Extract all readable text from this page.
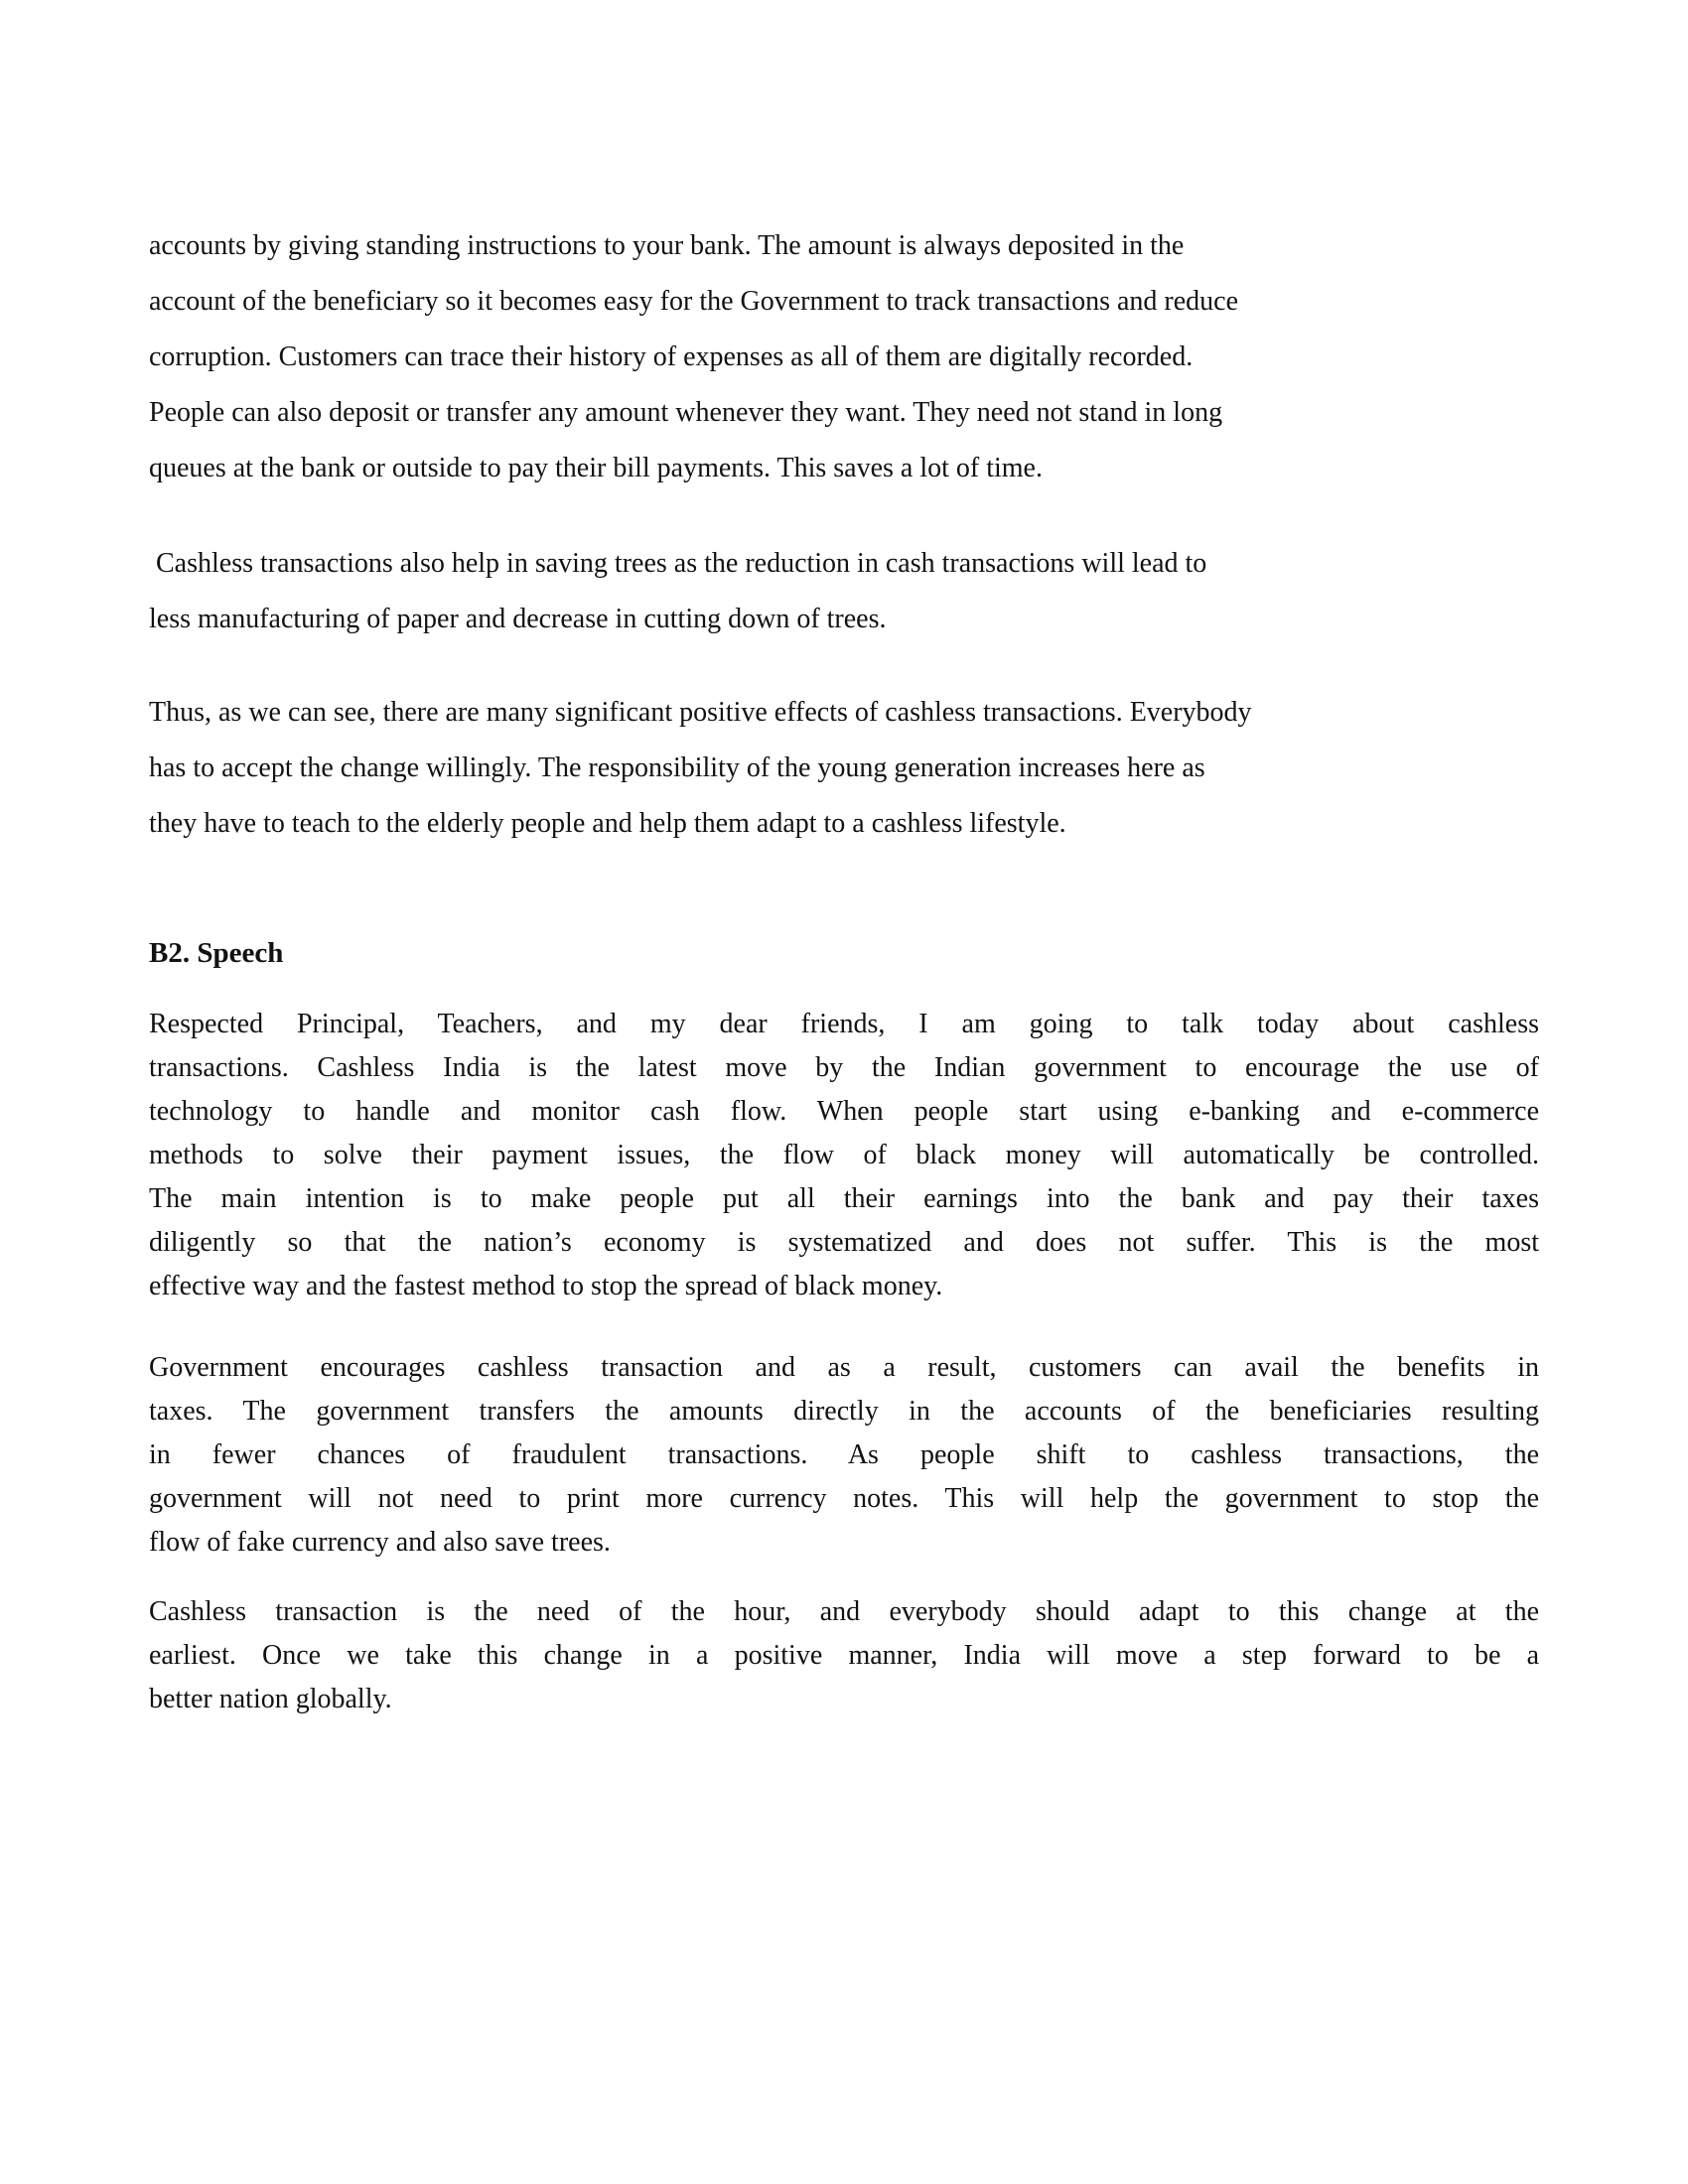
accounts by giving standing instructions to your bank. The amount is always deposited in the
account of the beneficiary so it becomes easy for the Government to track transactions and reduce
corruption. Customers can trace their history of expenses as all of them are digitally recorded.
People can also deposit or transfer any amount whenever they want. They need not stand in long
queues at the bank or outside to pay their bill payments. This saves a lot of time.
Cashless transactions also help in saving trees as the reduction in cash transactions will lead to
less manufacturing of paper and decrease in cutting down of trees.
Thus, as we can see, there are many significant positive effects of cashless transactions. Everybody
has to accept the change willingly. The responsibility of the young generation increases here as
they have to teach to the elderly people and help them adapt to a cashless lifestyle.
B2. Speech
Respected Principal, Teachers, and my dear friends, I am going to talk today about cashless
transactions. Cashless India is the latest move by the Indian government to encourage the use of
technology to handle and monitor cash flow. When people start using e-banking and e-commerce
methods to solve their payment issues, the flow of black money will automatically be controlled.
The main intention is to make people put all their earnings into the bank and pay their taxes
diligently so that the nation’s economy is systematized and does not suffer. This is the most
effective way and the fastest method to stop the spread of black money.
Government encourages cashless transaction and as a result, customers can avail the benefits in
taxes. The government transfers the amounts directly in the accounts of the beneficiaries resulting
in fewer chances of fraudulent transactions. As people shift to cashless transactions, the
government will not need to print more currency notes. This will help the government to stop the
flow of fake currency and also save trees.
Cashless transaction is the need of the hour, and everybody should adapt to this change at the
earliest. Once we take this change in a positive manner, India will move a step forward to be a
better nation globally.
